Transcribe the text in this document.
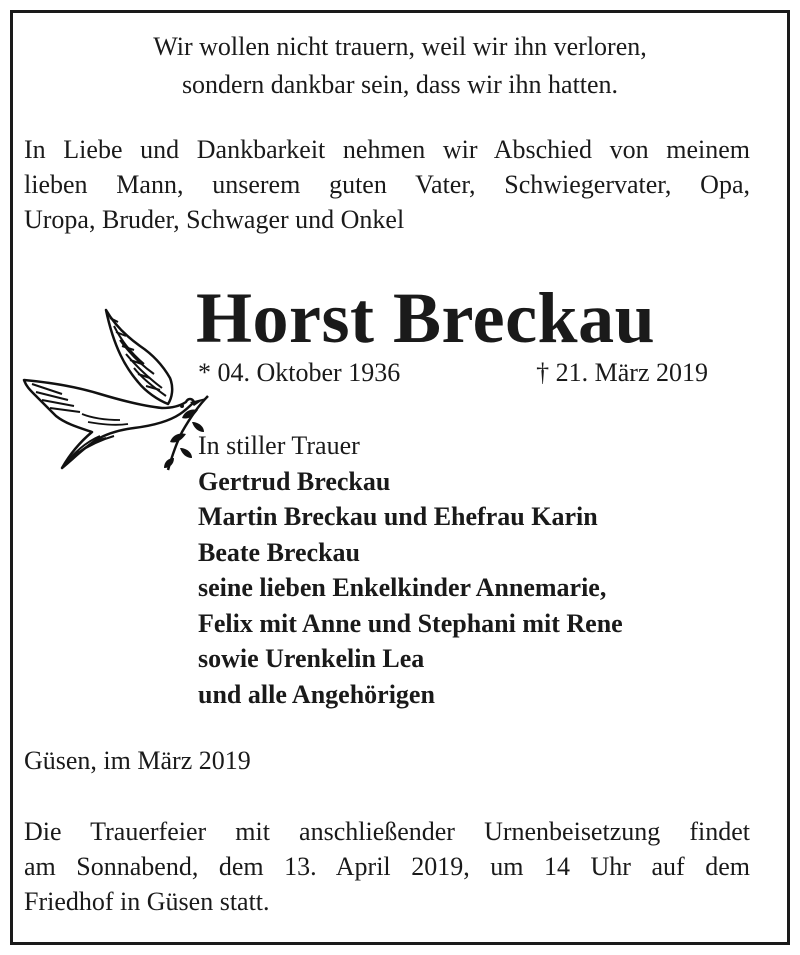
Wir wollen nicht trauern, weil wir ihn verloren,
sondern dankbar sein, dass wir ihn hatten.
In Liebe und Dankbarkeit nehmen wir Abschied von meinem
lieben Mann, unserem guten Vater, Schwiegervater, Opa,
Uropa, Bruder, Schwager und Onkel
Horst Breckau
* 04. Oktober 1936	† 21. März 2019
In stiller Trauer
Gertrud Breckau
Martin Breckau und Ehefrau Karin
Beate Breckau
seine lieben Enkelkinder Annemarie,
Felix mit Anne und Stephani mit Rene
sowie Urenkelin Lea
und alle Angehörigen
Güsen, im März 2019
Die Trauerfeier mit anschließender Urnenbeisetzung findet
am Sonnabend, dem 13. April 2019, um 14 Uhr auf dem
Friedhof in Güsen statt.
